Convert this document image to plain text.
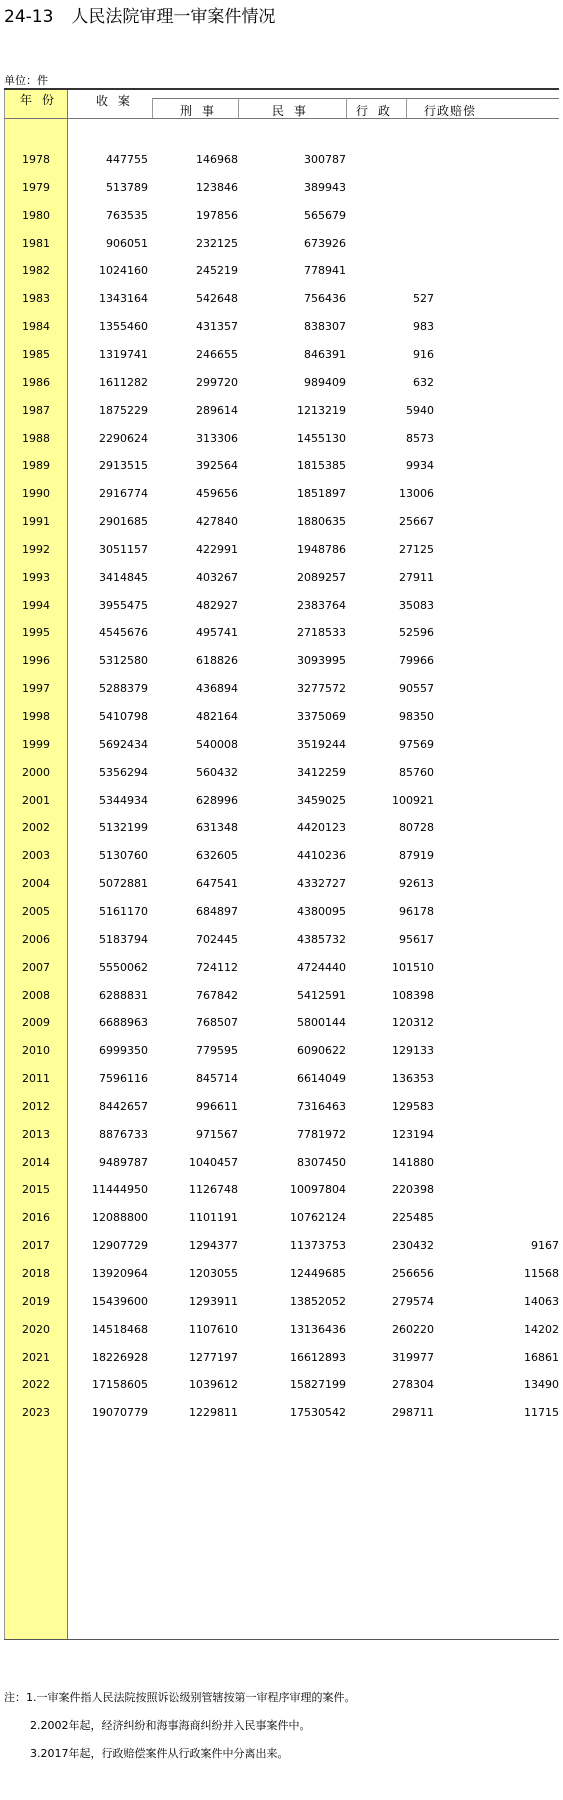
24-13 人民法院审理一审案件情况
单位：件
年 份	收 案
刑 事	民 事	行 政	行政赔偿
1978	447755	146968	300787
1979	513789	123846	389943
1980	763535	197856	565679
1981	906051	232125	673926
1982	1024160	245219	778941
1983	1343164	542648	756436	527
1984	1355460	431357	838307	983
1985	1319741	246655	846391	916
1986	1611282	299720	989409	632
1987	1875229	289614	1213219	5940
1988	2290624	313306	1455130	8573
1989	2913515	392564	1815385	9934
1990	2916774	459656	1851897	13006
1991	2901685	427840	1880635	25667
1992	3051157	422991	1948786	27125
1993	3414845	403267	2089257	27911
1994	3955475	482927	2383764	35083
1995	4545676	495741	2718533	52596
1996	5312580	618826	3093995	79966
1997	5288379	436894	3277572	90557
1998	5410798	482164	3375069	98350
1999	5692434	540008	3519244	97569
2000	5356294	560432	3412259	85760
2001	5344934	628996	3459025	100921
2002	5132199	631348	4420123	80728
2003	5130760	632605	4410236	87919
2004	5072881	647541	4332727	92613
2005	5161170	684897	4380095	96178
2006	5183794	702445	4385732	95617
2007	5550062	724112	4724440	101510
2008	6288831	767842	5412591	108398
2009	6688963	768507	5800144	120312
2010	6999350	779595	6090622	129133
2011	7596116	845714	6614049	136353
2012	8442657	996611	7316463	129583
2013	8876733	971567	7781972	123194
2014	9489787	1040457	8307450	141880
2015	11444950	1126748	10097804	220398
2016	12088800	1101191	10762124	225485
2017	12907729	1294377	11373753	230432	9167
2018	13920964	1203055	12449685	256656	11568
2019	15439600	1293911	13852052	279574	14063
2020	14518468	1107610	13136436	260220	14202
2021	18226928	1277197	16612893	319977	16861
2022	17158605	1039612	15827199	278304	13490
2023	19070779	1229811	17530542	298711	11715
注：1.一审案件指人民法院按照诉讼级别管辖按第一审程序审理的案件。
2.2002年起，经济纠纷和海事海商纠纷并入民事案件中。
3.2017年起，行政赔偿案件从行政案件中分离出来。
